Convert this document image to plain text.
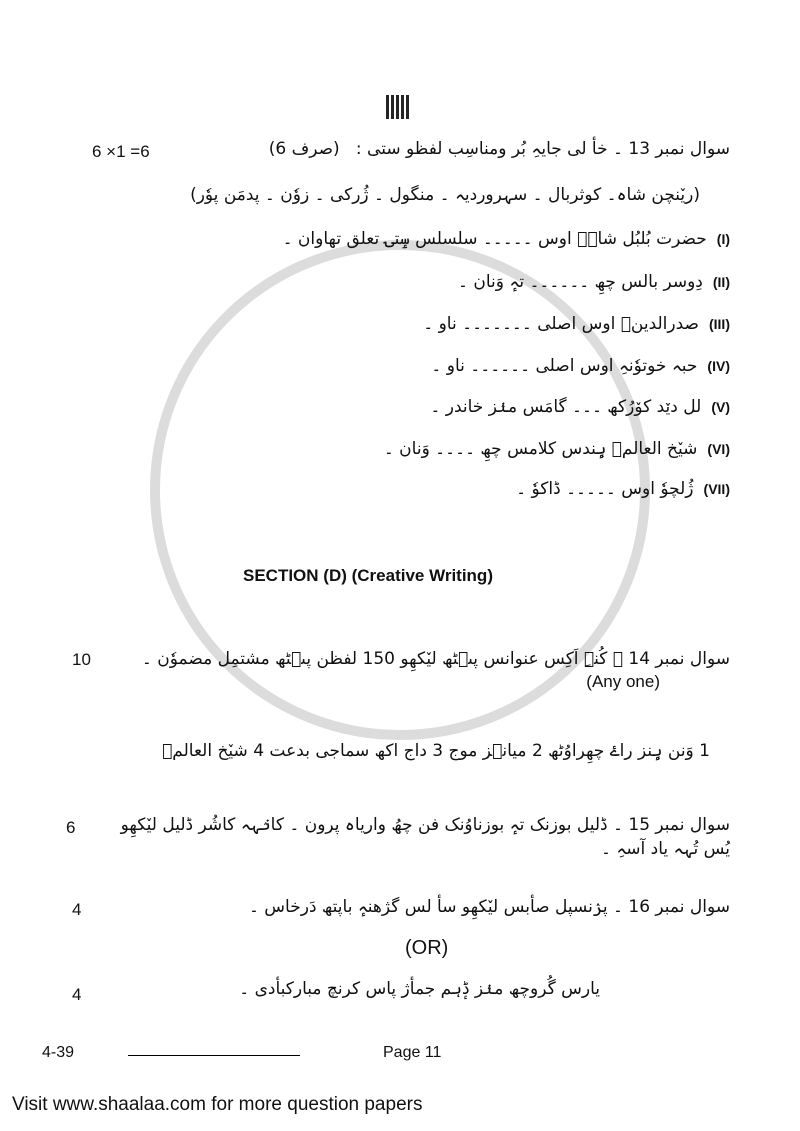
6 ×1 =6	سوال نمبر 13 ۔ خأ لی جایہِ بُر ومناسِب لفظو ستی :   (صرف 6)
(ریٚنچن شاہ۔ کوثربال ۔ سہروردیہ ۔ منگول ۔ ژُرکی ۔ زوٗن ۔ پدمَن پوٗر)
(I)حضرت بُلبُل شاہؒ اوس ۔۔۔۔۔ سلسلس سٟتۍ تعلق تھاوان ۔
(II)دِوسر بالس چھِ ۔۔۔۔۔۔ تہٕ وَنان ۔
(III)صدرالدینؒ اوس اصلی ۔۔۔۔۔۔۔ ناو ۔
(IV)حبہ خوتوٗنہِ اوس اصلی ۔۔۔۔۔۔ ناو ۔
(V)لل دێد کوٚرُکھ ۔۔۔ گامَس منٛز خاندر ۔
(VI)شیٚخ العالمؒ ہٕندس کلامس چھِ ۔۔۔۔ وَنان ۔
(VII)ژُلچوٗ اوس ۔۔۔۔۔ ڈاکوٗ ۔
SECTION (D) (Creative Writing)
10	سوال نمبر 14 ۔ کُنہِ اَکِس عنوانس پٮ۪ٹھ لیٚکھِو 150 لفظن پٮ۪ٹھ مشتمِل مضموٗن ۔
(Any one)
1 وَنن ہٕنز راۓ چھِراوُٹھ 2 میانٛز موج 3 داج اکھ سماجی بدعت 4 شیٚخ العالمؒ
6	سوال نمبر 15 ۔ ڈلیل بوزنک تہٕ بوزناوُنک فن چھُ واریاہ پرون ۔ کانٛہہ کاشُر ڈلیل لیٚکھِو یُس تُہہ یاد آسہِ ۔
4	سوال نمبر 16 ۔ پرٛنسپل صأبس لیٚکھِو سأ لس گژھنہٕ باپتھ دَرخاس ۔
(OR)
4	یارس گُروچھ منٛز ڈٕہم جمأژ پاس کرنچ مبارکبأدی ۔
4-39	Page 11
Visit www.shaalaa.com for more question papers
